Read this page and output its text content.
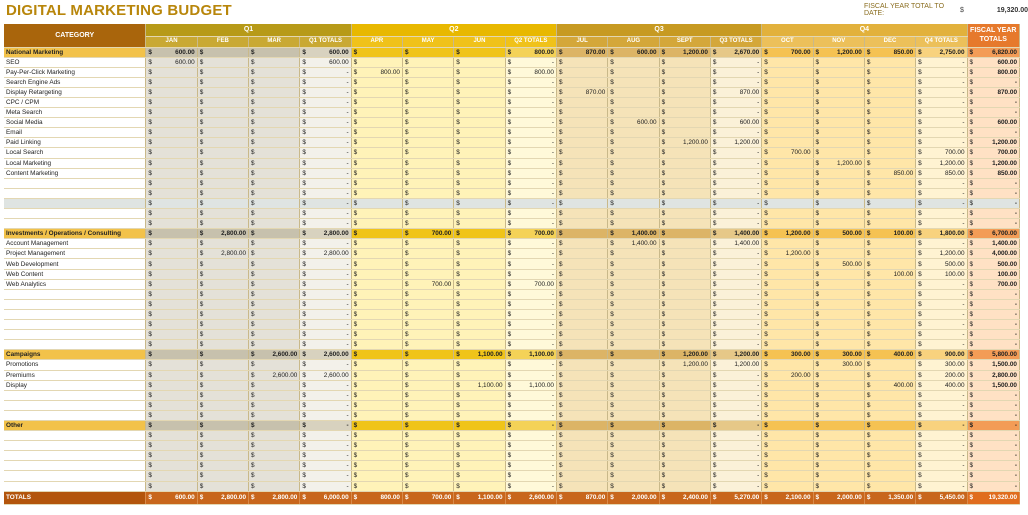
DIGITAL MARKETING BUDGET	FISCAL YEAR TOTAL TO DATE:	$	19,320.00
CATEGORY	Q1				Q2				Q3				Q4				FISCAL YEAR
TOTALS
	JAN	FEB	MAR	Q1 TOTALS	APR	MAY	JUN	Q2 TOTALS	JUL	AUG	SEPT	Q3 TOTALS	OCT	NOV	DEC	Q4 TOTALS	
National Marketing	$ 600.00	$	$	$ 600.00	$	$	$	$ 800.00	$ 870.00	$ 600.00	$ 1,200.00	$ 2,670.00	$ 700.00	$ 1,200.00	$ 850.00	$ 2,750.00	$ 6,820.00

SEO	$ 600.00	$	$	$ 600.00	$	$	$	$ -	$	$	$	$ -	$	$	$	$ -	$ 600.00

Pay-Per-Click Marketing	$	$	$	$ -	$ 800.00	$	$	$ 800.00	$	$	$	$ -	$	$	$	$ -	$ 800.00

Search Engine Ads	$	$	$	$ -	$	$	$	$ -	$	$	$	$ -	$	$	$	$ -	$ -

Display Retargeting	$	$	$	$ -	$	$	$	$ -	$ 870.00	$	$	$ 870.00	$	$	$	$ -	$ 870.00

CPC / CPM	$	$	$	$ -	$	$	$	$ -	$	$	$	$ -	$	$	$	$ -	$ -

Meta Search	$	$	$	$ -	$	$	$	$ -	$	$	$	$ -	$	$	$	$ -	$ -

Social Media	$	$	$	$ -	$	$	$	$ -	$	$ 600.00	$	$ 600.00	$	$	$	$ -	$ 600.00

Email	$	$	$	$ -	$	$	$	$ -	$	$	$	$ -	$	$	$	$ -	$ -

Paid Linking	$	$	$	$ -	$	$	$	$ -	$	$	$ 1,200.00	$ 1,200.00	$	$	$	$ -	$ 1,200.00

Local Search	$	$	$	$ -	$	$	$	$ -	$	$	$	$ -	$ 700.00	$	$	$ 700.00	$ 700.00

Local Marketing	$	$	$	$ -	$	$	$	$ -	$	$	$	$ -	$	$ 1,200.00	$	$ 1,200.00	$ 1,200.00

Content Marketing	$	$	$	$ -	$	$	$	$ -	$	$	$	$ -	$	$	$ 850.00	$ 850.00	$ 850.00

	$	$	$	$ -	$	$	$	$ -	$	$	$	$ -	$	$	$	$ -	$ -

	$	$	$	$ -	$	$	$	$ -	$	$	$	$ -	$	$	$	$ -	$ -

	$	$	$	$ -	$	$	$	$ -	$	$	$	$ -	$	$	$	$ -	$ -

	$	$	$	$ -	$	$	$	$ -	$	$	$	$ -	$	$	$	$ -	$ -

	$	$	$	$ -	$	$	$	$ -	$	$	$	$ -	$	$	$	$ -	$ -

Investments / Operations / Consulting	$	$ 2,800.00	$	$ 2,800.00	$	$ 700.00	$	$ 700.00	$	$ 1,400.00	$	$ 1,400.00	$ 1,200.00	$ 500.00	$ 100.00	$ 1,800.00	$ 6,700.00

Account Management	$	$	$	$ -	$	$	$	$ -	$	$ 1,400.00	$	$ 1,400.00	$	$	$	$ -	$ 1,400.00

Project Management	$	$ 2,800.00	$	$ 2,800.00	$	$	$	$ -	$	$	$	$ -	$ 1,200.00	$	$	$ 1,200.00	$ 4,000.00

Web Development	$	$	$	$ -	$	$	$	$ -	$	$	$	$ -	$	$ 500.00	$	$ 500.00	$ 500.00

Web Content	$	$	$	$ -	$	$	$	$ -	$	$	$	$ -	$	$	$ 100.00	$ 100.00	$ 100.00

Web Analytics	$	$	$	$ -	$	$ 700.00	$	$ 700.00	$	$	$	$ -	$	$	$	$ -	$ 700.00

	$	$	$	$ -	$	$	$	$ -	$	$	$	$ -	$	$	$	$ -	$ -

	$	$	$	$ -	$	$	$	$ -	$	$	$	$ -	$	$	$	$ -	$ -

	$	$	$	$ -	$	$	$	$ -	$	$	$	$ -	$	$	$	$ -	$ -

	$	$	$	$ -	$	$	$	$ -	$	$	$	$ -	$	$	$	$ -	$ -

	$	$	$	$ -	$	$	$	$ -	$	$	$	$ -	$	$	$	$ -	$ -

	$	$	$	$ -	$	$	$	$ -	$	$	$	$ -	$	$	$	$ -	$ -

Campaigns	$	$	$ 2,600.00	$ 2,600.00	$	$	$ 1,100.00	$ 1,100.00	$	$	$ 1,200.00	$ 1,200.00	$ 300.00	$ 300.00	$ 400.00	$ 900.00	$ 5,800.00

Promotions	$	$	$	$ -	$	$	$	$ -	$	$	$ 1,200.00	$ 1,200.00	$	$ 300.00	$	$ 300.00	$ 1,500.00

Premiums	$	$	$ 2,600.00	$ 2,600.00	$	$	$	$ -	$	$	$	$ -	$ 200.00	$	$	$ 200.00	$ 2,800.00

Display	$	$	$	$ -	$	$	$ 1,100.00	$ 1,100.00	$	$	$	$ -	$	$	$ 400.00	$ 400.00	$ 1,500.00

	$	$	$	$ -	$	$	$	$ -	$	$	$	$ -	$	$	$	$ -	$ -

	$	$	$	$ -	$	$	$	$ -	$	$	$	$ -	$	$	$	$ -	$ -

	$	$	$	$ -	$	$	$	$ -	$	$	$	$ -	$	$	$	$ -	$ -

Other	$	$	$	$ -	$	$	$	$ -	$	$	$	$ -	$	$	$	$ -	$ -

	$	$	$	$ -	$	$	$	$ -	$	$	$	$ -	$	$	$	$ -	$ -

	$	$	$	$ -	$	$	$	$ -	$	$	$	$ -	$	$	$	$ -	$ -

	$	$	$	$ -	$	$	$	$ -	$	$	$	$ -	$	$	$	$ -	$ -

	$	$	$	$ -	$	$	$	$ -	$	$	$	$ -	$	$	$	$ -	$ -

	$	$	$	$ -	$	$	$	$ -	$	$	$	$ -	$	$	$	$ -	$ -

	$	$	$	$ -	$	$	$	$ -	$	$	$	$ -	$	$	$	$ -	$ -

TOTALS	$ 600.00	$ 2,800.00	$ 2,800.00	$ 6,000.00	$ 800.00	$ 700.00	$ 1,100.00	$ 2,600.00	$ 870.00	$ 2,000.00	$ 2,400.00	$ 5,270.00	$ 2,100.00	$ 2,000.00	$ 1,350.00	$ 5,450.00	$ 19,320.00
